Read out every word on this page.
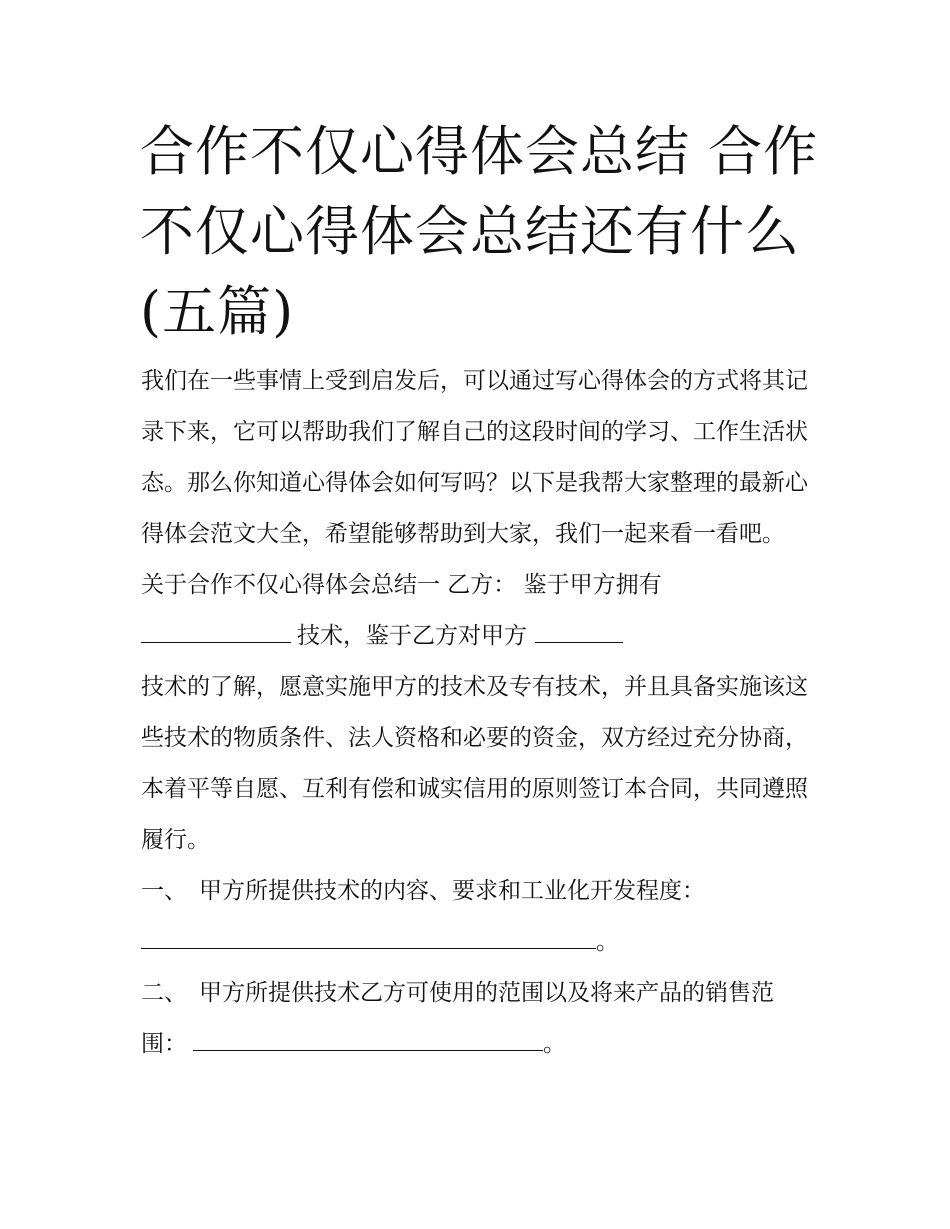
合作不仅心得体会总结 合作不仅心得体会总结还有什么(五篇)

我们在一些事情上受到启发后，可以通过写心得体会的方式将其记录下来，它可以帮助我们了解自己的这段时间的学习、工作生活状态。那么你知道心得体会如何写吗？以下是我帮大家整理的最新心得体会范文大全，希望能够帮助到大家，我们一起来看一看吧。

关于合作不仅心得体会总结一 乙方： 鉴于甲方拥有

技术，鉴于乙方对甲方

技术的了解，愿意实施甲方的技术及专有技术，并且具备实施该这些技术的物质条件、法人资格和必要的资金，双方经过充分协商，本着平等自愿、互利有偿和诚实信用的原则签订本合同，共同遵照履行。

一、 甲方所提供技术的内容、要求和工业化开发程度：

。

二、 甲方所提供技术乙方可使用的范围以及将来产品的销售范围：	。
